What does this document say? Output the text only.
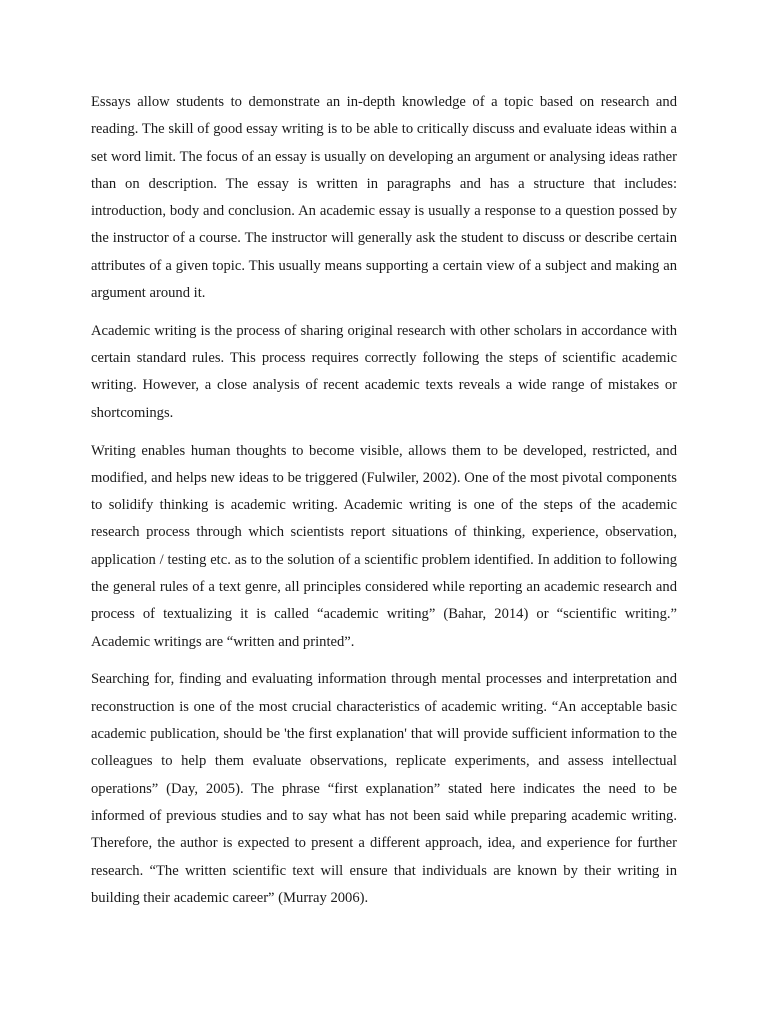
Essays allow students to demonstrate an in-depth knowledge of a topic based on research and reading. The skill of good essay writing is to be able to critically discuss and evaluate ideas within a set word limit. The focus of an essay is usually on developing an argument or analysing ideas rather than on description. The essay is written in paragraphs and has a structure that includes: introduction, body and conclusion. An academic essay is usually a response to a question possed by the instructor of a course. The instructor will generally ask the student to discuss or describe certain attributes of a given topic. This usually means supporting a certain view of a subject and making an argument around it.

Academic writing is the process of sharing original research with other scholars in accordance with certain standard rules. This process requires correctly following the steps of scientific academic writing. However, a close analysis of recent academic texts reveals a wide range of mistakes or shortcomings.

Writing enables human thoughts to become visible, allows them to be developed, restricted, and modified, and helps new ideas to be triggered (Fulwiler, 2002). One of the most pivotal components to solidify thinking is academic writing. Academic writing is one of the steps of the academic research process through which scientists report situations of thinking, experience, observation, application / testing etc. as to the solution of a scientific problem identified. In addition to following the general rules of a text genre, all principles considered while reporting an academic research and process of textualizing it is called “academic writing” (Bahar, 2014) or “scientific writing.” Academic writings are “written and printed”.

Searching for, finding and evaluating information through mental processes and interpretation and reconstruction is one of the most crucial characteristics of academic writing. “An acceptable basic academic publication, should be 'the first explanation' that will provide sufficient information to the colleagues to help them evaluate observations, replicate experiments, and assess intellectual operations” (Day, 2005). The phrase “first explanation” stated here indicates the need to be informed of previous studies and to say what has not been said while preparing academic writing. Therefore, the author is expected to present a different approach, idea, and experience for further research. “The written scientific text will ensure that individuals are known by their writing in building their academic career” (Murray 2006).
